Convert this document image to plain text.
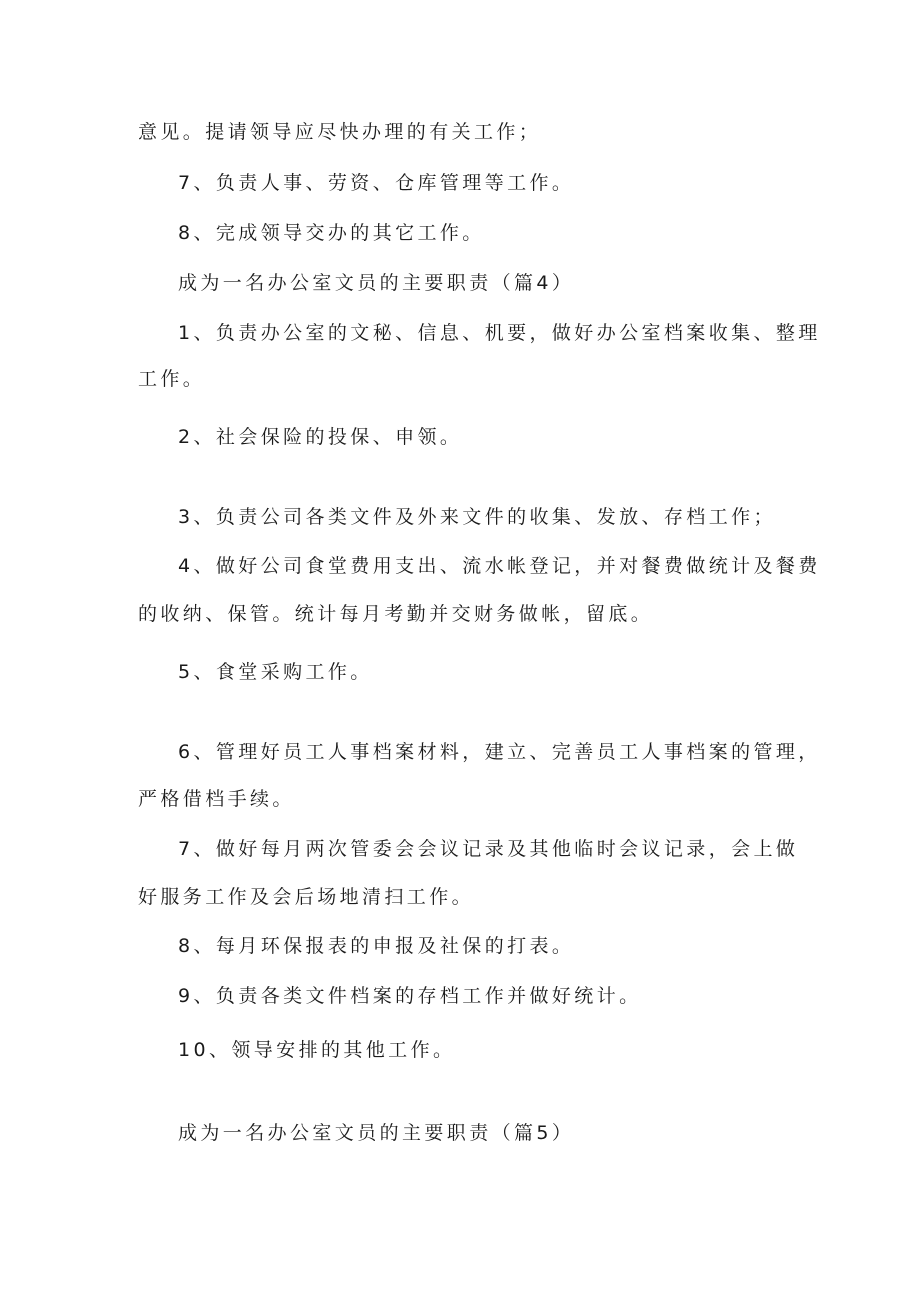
意见。提请领导应尽快办理的有关工作；
7、负责人事、劳资、仓库管理等工作。
8、完成领导交办的其它工作。
成为一名办公室文员的主要职责（篇4）
1、负责办公室的文秘、信息、机要，做好办公室档案收集、整理
工作。
2、社会保险的投保、申领。
3、负责公司各类文件及外来文件的收集、发放、存档工作；
4、做好公司食堂费用支出、流水帐登记，并对餐费做统计及餐费
的收纳、保管。统计每月考勤并交财务做帐，留底。
5、食堂采购工作。
6、管理好员工人事档案材料，建立、完善员工人事档案的管理，
严格借档手续。
7、做好每月两次管委会会议记录及其他临时会议记录，会上做
好服务工作及会后场地清扫工作。
8、每月环保报表的申报及社保的打表。
9、负责各类文件档案的存档工作并做好统计。
10、领导安排的其他工作。
成为一名办公室文员的主要职责（篇5）
